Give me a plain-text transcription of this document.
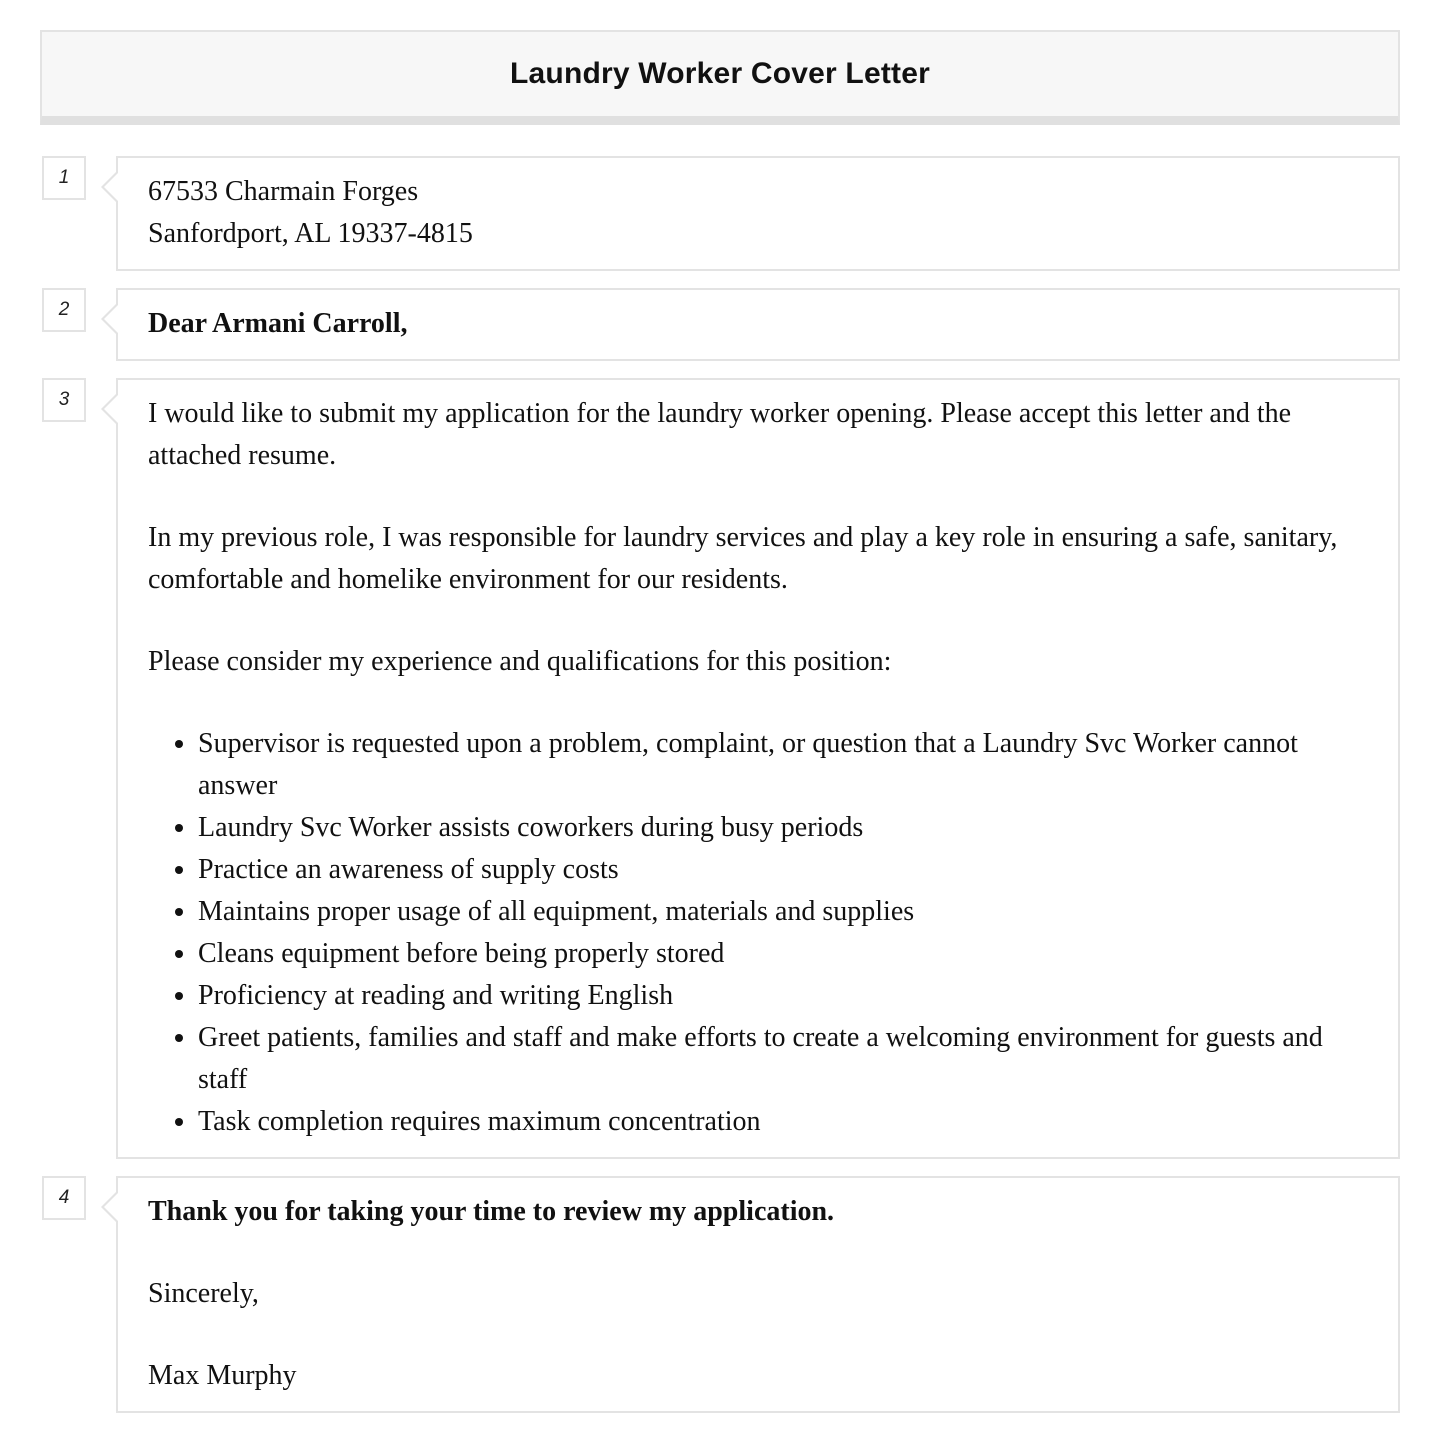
Laundry Worker Cover Letter
1	67533 Charmain Forges
Sanfordport, AL 19337-4815
2	Dear Armani Carroll,
3	I would like to submit my application for the laundry worker opening. Please accept this letter and the attached resume.

In my previous role, I was responsible for laundry services and play a key role in ensuring a safe, sanitary, comfortable and homelike environment for our residents.

Please consider my experience and qualifications for this position:

• Supervisor is requested upon a problem, complaint, or question that a Laundry Svc Worker cannot answer
• Laundry Svc Worker assists coworkers during busy periods
• Practice an awareness of supply costs
• Maintains proper usage of all equipment, materials and supplies
• Cleans equipment before being properly stored
• Proficiency at reading and writing English
• Greet patients, families and staff and make efforts to create a welcoming environment for guests and staff
• Task completion requires maximum concentration
4	Thank you for taking your time to review my application.

Sincerely,

Max Murphy
